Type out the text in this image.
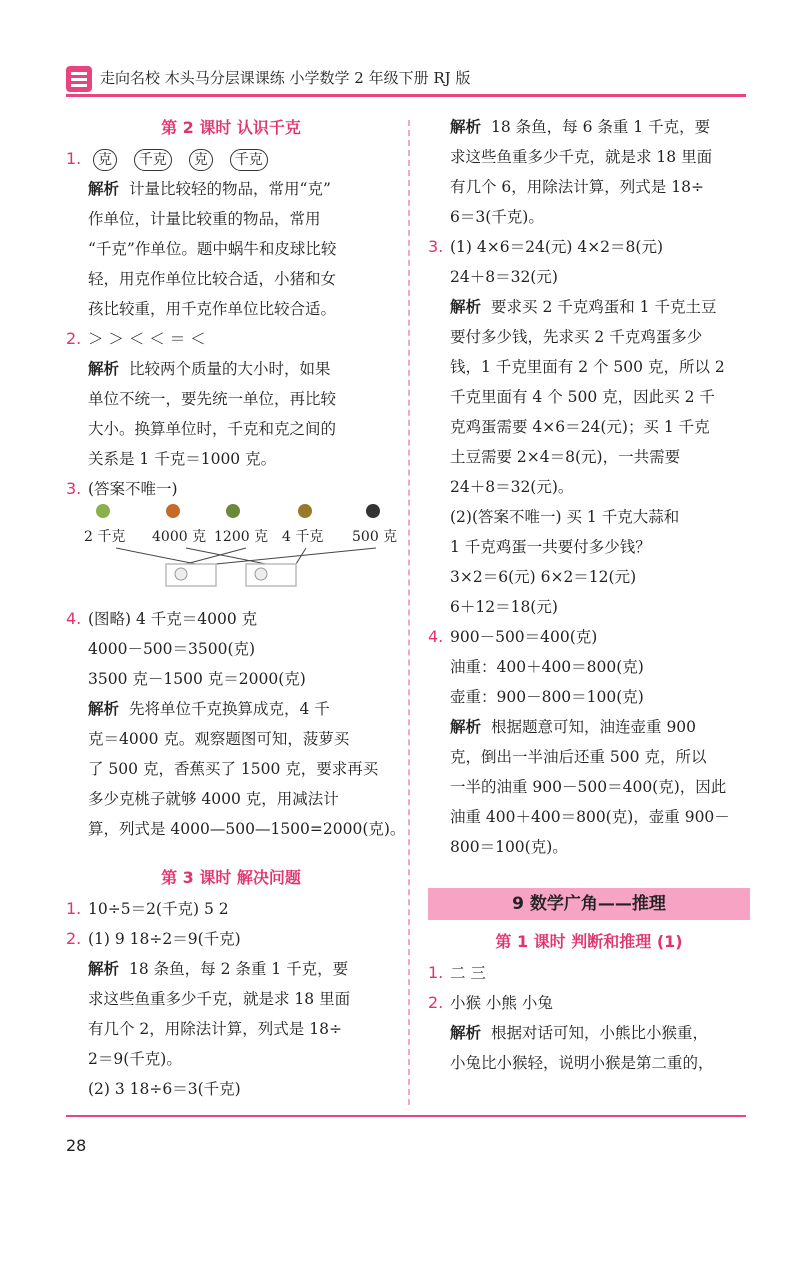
走向名校 木头马分层课课练 小学数学 2 年级下册 RJ 版
第 2 课时 认识千克
1. 克 千克 克 千克
解析 计量比较轻的物品，常用“克”
作单位，计量比较重的物品，常用
“千克”作单位。题中蜗牛和皮球比较
轻，用克作单位比较合适，小猪和女
孩比较重，用千克作单位比较合适。
2. ＞ ＞ ＜ ＜ ＝ ＜
解析 比较两个质量的大小时，如果
单位不统一，要先统一单位，再比较
大小。换算单位时，千克和克之间的
关系是 1 千克＝1000 克。
3. (答案不唯一)
2 千克 4000 克 1200 克 4 千克 500 克
4. (图略) 4 千克＝4000 克
4000－500＝3500(克)
3500 克－1500 克＝2000(克)
解析 先将单位千克换算成克，4 千
克＝4000 克。观察题图可知，菠萝买
了 500 克，香蕉买了 1500 克，要求再买
多少克桃子就够 4000 克，用减法计
算，列式是 4000—500—1500=2000(克)。
第 3 课时 解决问题
1. 10÷5＝2(千克) 5 2
2. (1) 9 18÷2＝9(千克)
解析 18 条鱼，每 2 条重 1 千克，要
求这些鱼重多少千克，就是求 18 里面
有几个 2，用除法计算，列式是 18÷
2＝9(千克)。
(2) 3 18÷6＝3(千克)
解析 18 条鱼，每 6 条重 1 千克，要
求这些鱼重多少千克，就是求 18 里面
有几个 6，用除法计算，列式是 18÷
6＝3(千克)。
3. (1) 4×6＝24(元) 4×2＝8(元)
24＋8＝32(元)
解析 要求买 2 千克鸡蛋和 1 千克土豆
要付多少钱，先求买 2 千克鸡蛋多少
钱，1 千克里面有 2 个 500 克，所以 2
千克里面有 4 个 500 克，因此买 2 千
克鸡蛋需要 4×6＝24(元)；买 1 千克
土豆需要 2×4＝8(元)，一共需要
24＋8＝32(元)。
(2)(答案不唯一) 买 1 千克大蒜和
1 千克鸡蛋一共要付多少钱？
3×2＝6(元) 6×2＝12(元)
6＋12＝18(元)
4. 900－500＝400(克)
油重：400＋400＝800(克)
壶重：900－800＝100(克)
解析 根据题意可知，油连壶重 900
克，倒出一半油后还重 500 克，所以
一半的油重 900－500＝400(克)，因此
油重 400＋400＝800(克)，壶重 900－
800＝100(克)。
9 数学广角——推理
第 1 课时 判断和推理 (1)
1. 二 三
2. 小猴 小熊 小兔
解析 根据对话可知，小熊比小猴重，
小兔比小猴轻，说明小猴是第二重的，
28
